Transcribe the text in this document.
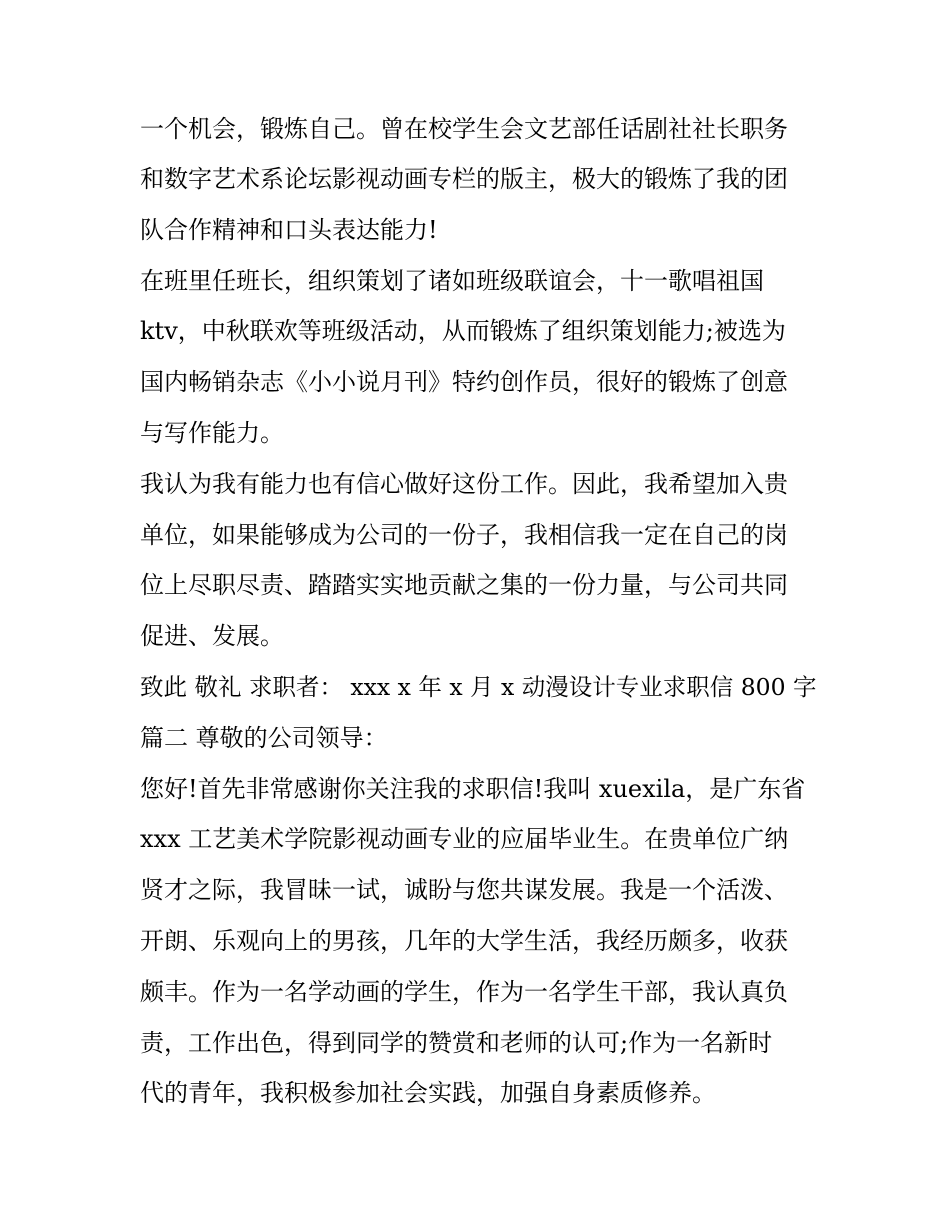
一个机会，锻炼自己。曾在校学生会文艺部任话剧社社长职务
和数字艺术系论坛影视动画专栏的版主，极大的锻炼了我的团
队合作精神和口头表达能力!
在班里任班长，组织策划了诸如班级联谊会，十一歌唱祖国
ktv，中秋联欢等班级活动，从而锻炼了组织策划能力;被选为
国内畅销杂志《小小说月刊》特约创作员，很好的锻炼了创意
与写作能力。
我认为我有能力也有信心做好这份工作。因此，我希望加入贵
单位，如果能够成为公司的一份子，我相信我一定在自己的岗
位上尽职尽责、踏踏实实地贡献之集的一份力量，与公司共同
促进、发展。
致此 敬礼 求职者： xxx x 年 x 月 x 动漫设计专业求职信 800 字
篇二 尊敬的公司领导：
您好!首先非常感谢你关注我的求职信!我叫 xuexila，是广东省
xxx 工艺美术学院影视动画专业的应届毕业生。在贵单位广纳
贤才之际，我冒昧一试，诚盼与您共谋发展。我是一个活泼、
开朗、乐观向上的男孩，几年的大学生活，我经历颇多，收获
颇丰。作为一名学动画的学生，作为一名学生干部，我认真负
责，工作出色，得到同学的赞赏和老师的认可;作为一名新时
代的青年，我积极参加社会实践，加强自身素质修养。
